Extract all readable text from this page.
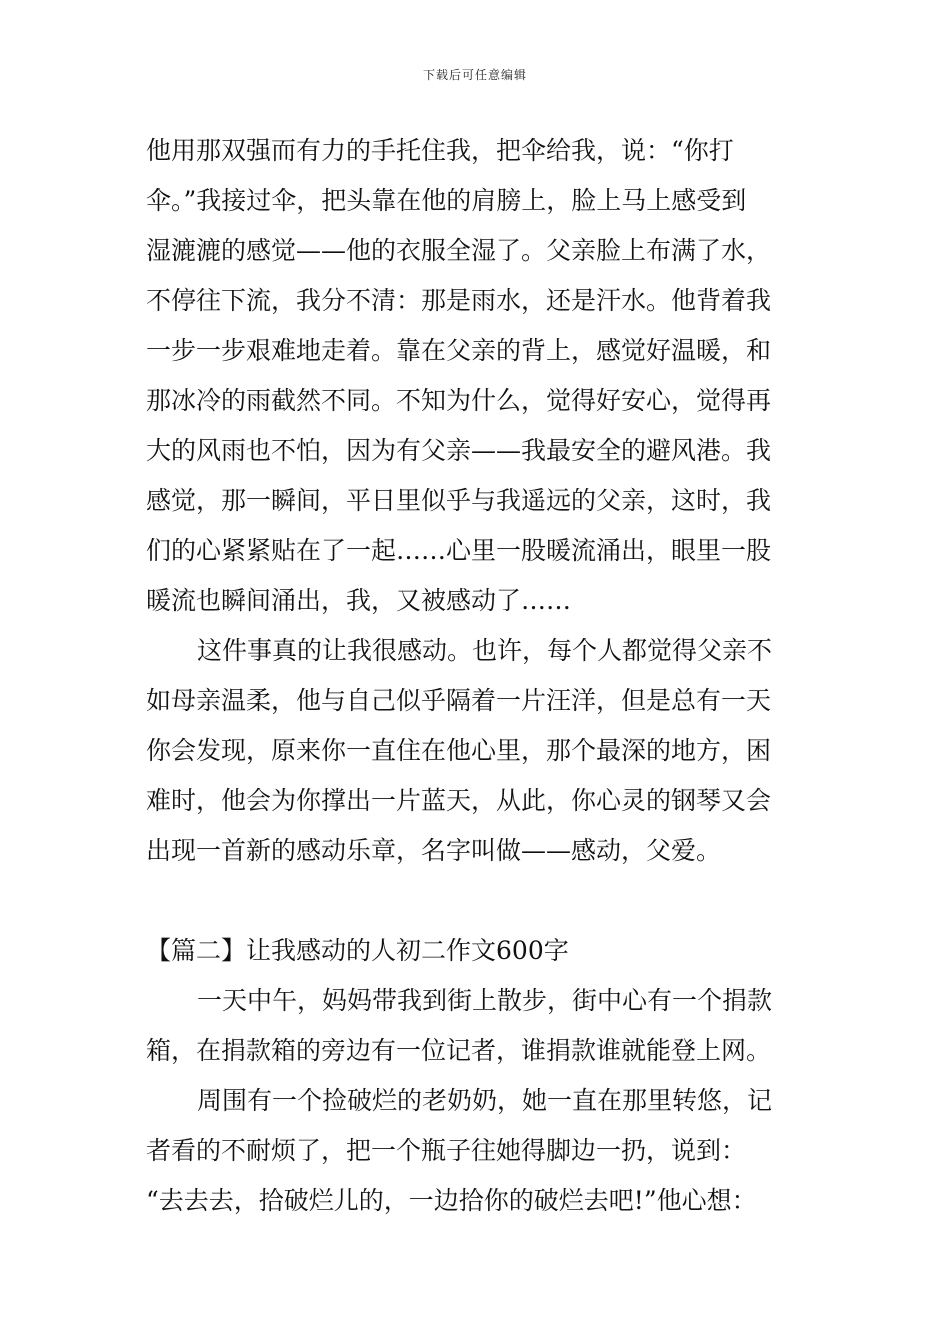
下载后可任意编辑
他用那双强而有力的手托住我，把伞给我，说：“你打
伞。”我接过伞，把头靠在他的肩膀上，脸上马上感受到
湿漉漉的感觉——他的衣服全湿了。父亲脸上布满了水，
不停往下流，我分不清：那是雨水，还是汗水。他背着我
一步一步艰难地走着。靠在父亲的背上，感觉好温暖，和
那冰冷的雨截然不同。不知为什么，觉得好安心，觉得再
大的风雨也不怕，因为有父亲——我最安全的避风港。我
感觉，那一瞬间，平日里似乎与我遥远的父亲，这时，我
们的心紧紧贴在了一起……心里一股暖流涌出，眼里一股
暖流也瞬间涌出，我，又被感动了……
这件事真的让我很感动。也许，每个人都觉得父亲不
如母亲温柔，他与自己似乎隔着一片汪洋，但是总有一天
你会发现，原来你一直住在他心里，那个最深的地方，困
难时，他会为你撑出一片蓝天，从此，你心灵的钢琴又会
出现一首新的感动乐章，名字叫做——感动，父爱。
【篇二】让我感动的人初二作文600字
一天中午，妈妈带我到街上散步，街中心有一个捐款
箱，在捐款箱的旁边有一位记者，谁捐款谁就能登上网。
周围有一个捡破烂的老奶奶，她一直在那里转悠，记
者看的不耐烦了，把一个瓶子往她得脚边一扔，说到：
“去去去，拾破烂儿的，一边拾你的破烂去吧!”他心想：
